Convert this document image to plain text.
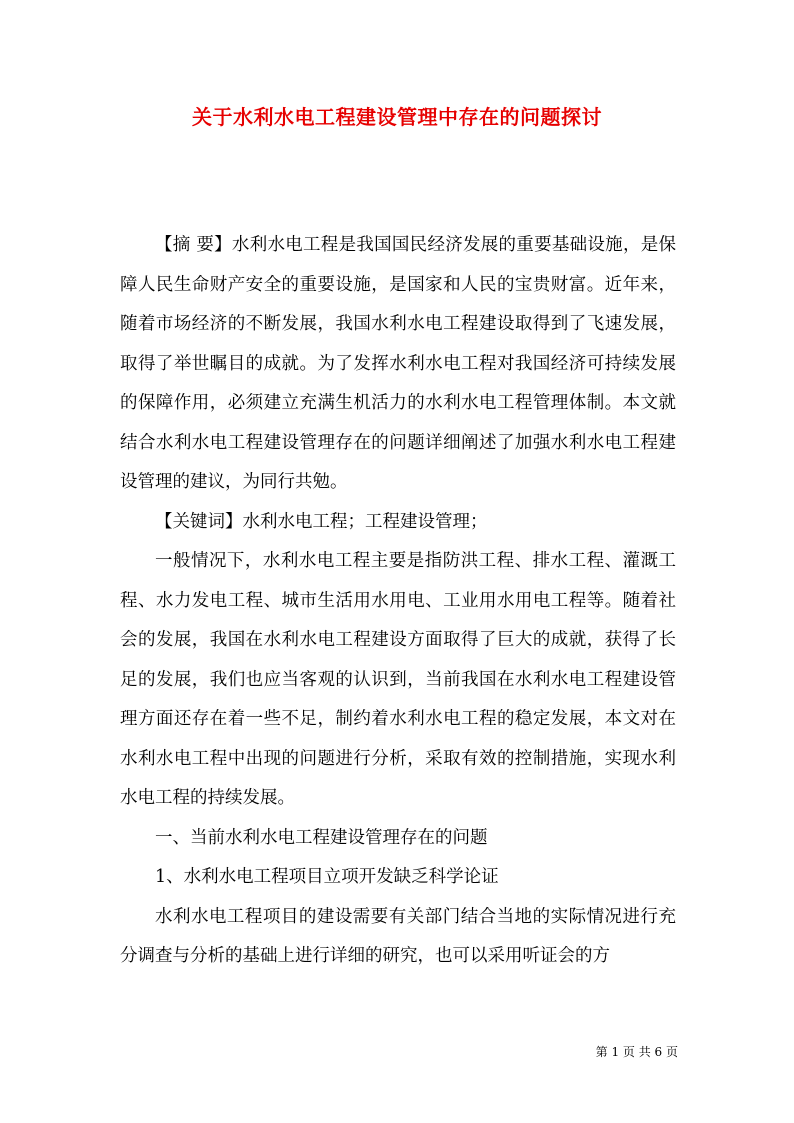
关于水利水电工程建设管理中存在的问题探讨

【摘 要】水利水电工程是我国国民经济发展的重要基础设施，是保障人民生命财产安全的重要设施，是国家和人民的宝贵财富。近年来，随着市场经济的不断发展，我国水利水电工程建设取得到了飞速发展，取得了举世瞩目的成就。为了发挥水利水电工程对我国经济可持续发展的保障作用，必须建立充满生机活力的水利水电工程管理体制。本文就结合水利水电工程建设管理存在的问题详细阐述了加强水利水电工程建设管理的建议，为同行共勉。

【关键词】水利水电工程；工程建设管理；

一般情况下，水利水电工程主要是指防洪工程、排水工程、灌溉工程、水力发电工程、城市生活用水用电、工业用水用电工程等。随着社会的发展，我国在水利水电工程建设方面取得了巨大的成就，获得了长足的发展，我们也应当客观的认识到，当前我国在水利水电工程建设管理方面还存在着一些不足，制约着水利水电工程的稳定发展，本文对在水利水电工程中出现的问题进行分析，采取有效的控制措施，实现水利水电工程的持续发展。

一、当前水利水电工程建设管理存在的问题

1、水利水电工程项目立项开发缺乏科学论证

水利水电工程项目的建设需要有关部门结合当地的实际情况进行充分调查与分析的基础上进行详细的研究，也可以采用听证会的方

第 1 页 共 6 页
